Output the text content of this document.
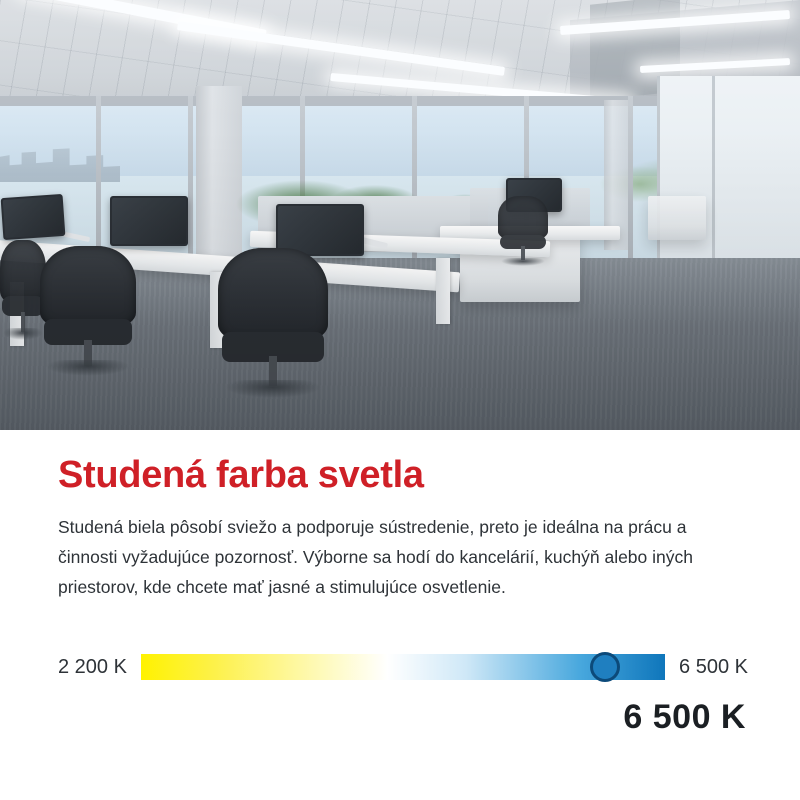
Studená farba svetla

Studená biela pôsobí sviežo a podporuje sústredenie, preto je ideálna na prácu a činnosti vyžadujúce pozornosť. Výborne sa hodí do kancelárií, kuchýň alebo iných priestorov, kde chcete mať jasné a stimulujúce osvetlenie.

2 200 K	6 500 K
6 500 K
